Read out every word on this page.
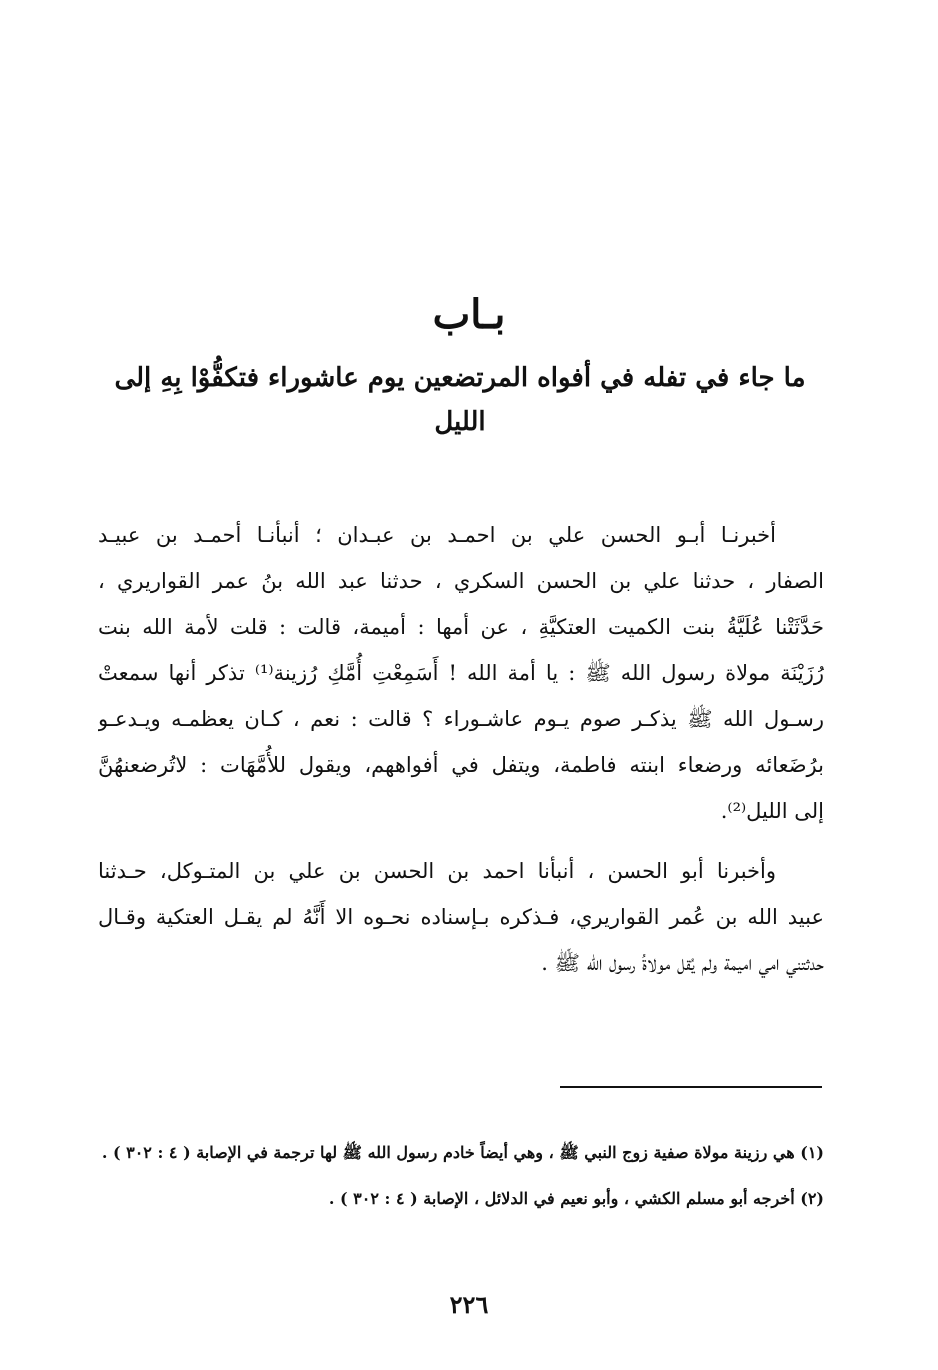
بـاب
ما جاء في تفله في أفواه المرتضعين يوم عاشوراء فتكفُّوْا بِهِ إلى الليل
أخبرنـا أبـو الحسن علي بن احمـد بن عبـدان ؛ أنبأنـا أحمـد بن عبيـد
الصفار ، حدثنا علي بن الحسن السكري ، حدثنا عبد الله بنُ عمر القواريري ،
حَدَّثَتْنا عُلَيَّةُ بنت الكميت العتكيَّةِ ، عن أمها : أميمة، قالت : قلت لأمة الله بنت
رُزَيْنَة مولاة رسول الله ﷺ : يا أمة الله ! أَسَمِعْتِ أُمَّكِ رُزينة⁽¹⁾ تذكر أنها سمعتْ
رسـول الله ﷺ يذكـر صوم يـوم عاشـوراء ؟ قالت : نعم ، كـان يعظمـه ويـدعـو
برُضَعائه ورضعاء ابنته فاطمة، ويتفل في أفواههم، ويقول للأُمَّهَات : لاتُرضعنهُنَّ
إلى الليل⁽²⁾.
وأخبرنا أبو الحسن ، أنبأنا احمد بن الحسن بن علي بن المتـوكل، حـدثنا
عبيد الله بن عُمر القواريري، فـذكره بـإسناده نحـوه الا أَنَّهُ لم يقـل العتكية وقـال
حدثتني امي اميمة ولم يُقل مولاةُ رسول الله ﷺ .
(١) هي رزينة مولاة صفية زوج النبي ﷺ ، وهي أيضاً خادم رسول الله ﷺ لها ترجمة في الإصابة ( ٤ : ٣٠٢ ) .
(٢) أخرجه أبو مسلم الكشي ، وأبو نعيم في الدلائل ، الإصابة ( ٤ : ٣٠٢ ) .
٢٢٦
